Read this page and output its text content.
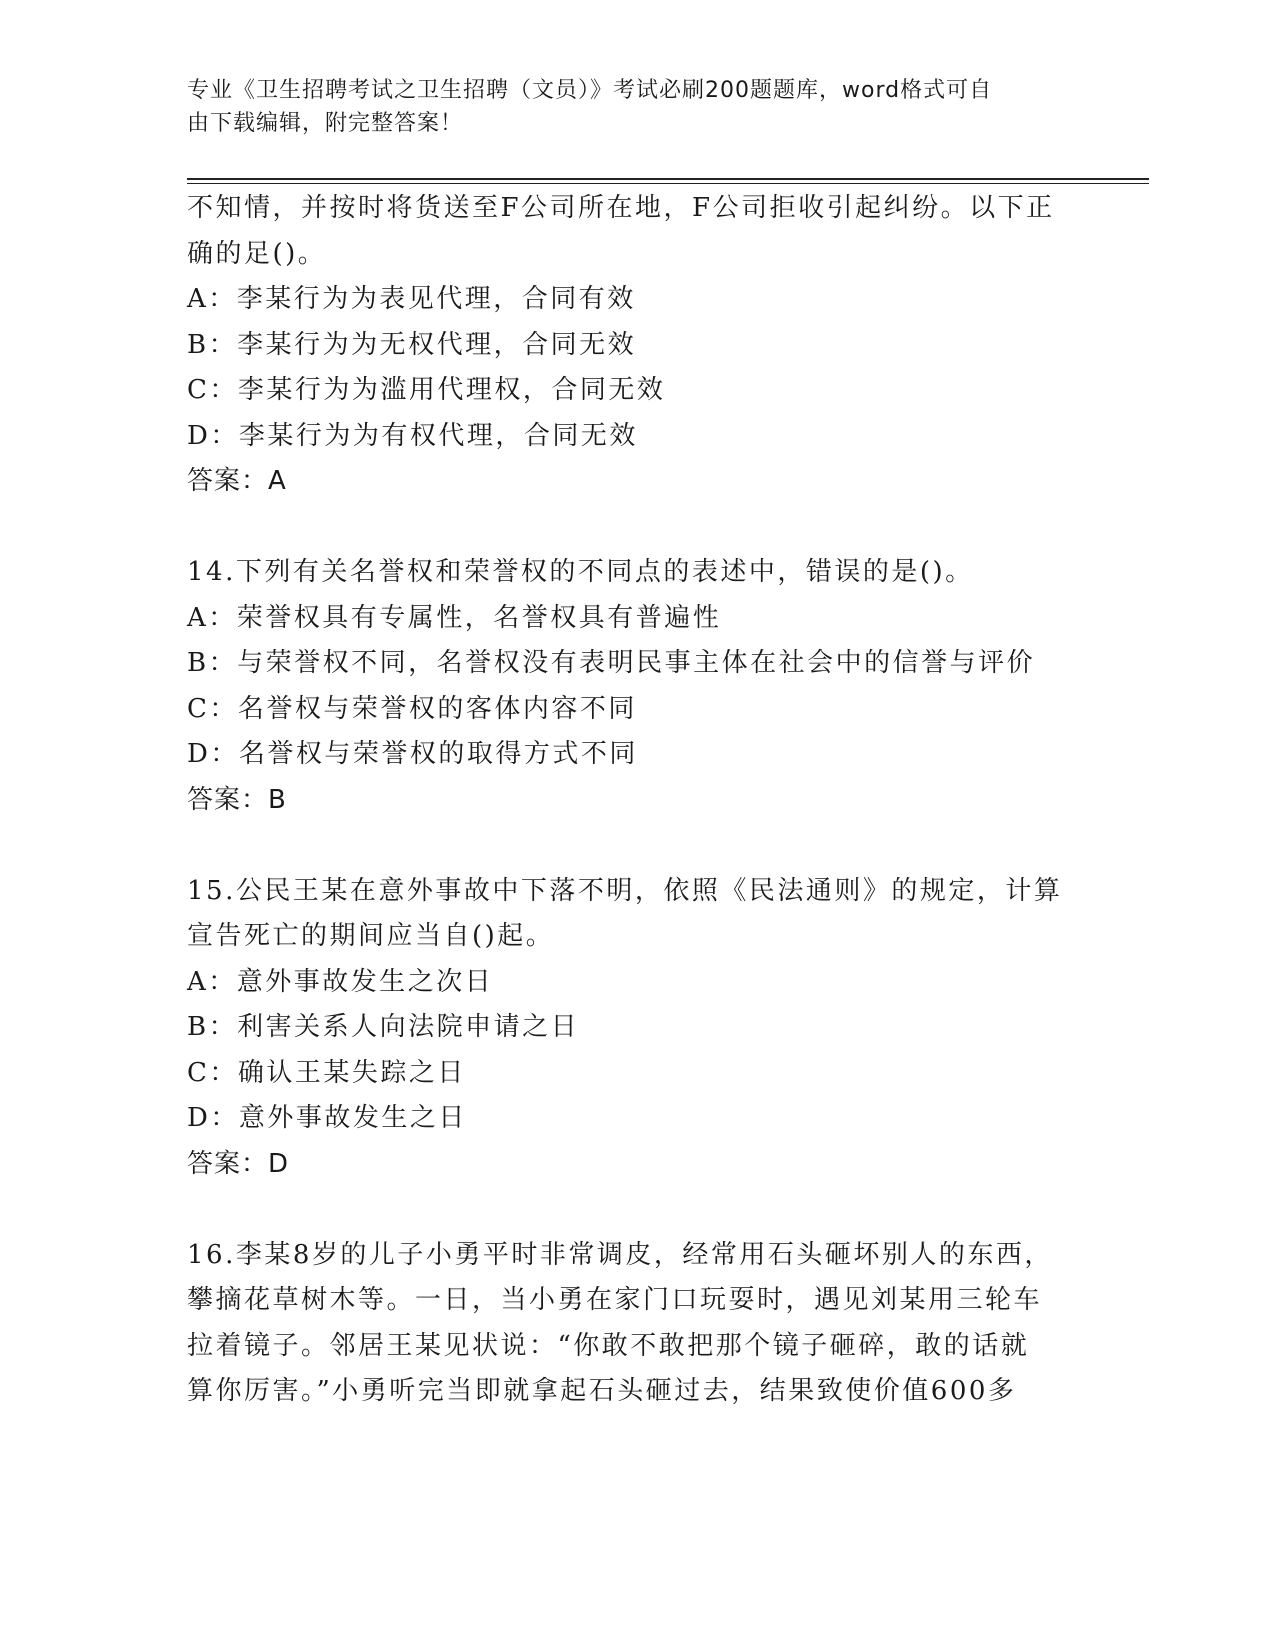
专业《卫生招聘考试之卫生招聘（文员）》考试必刷200题题库，word格式可自
由下载编辑，附完整答案！
不知情，并按时将货送至F公司所在地，F公司拒收引起纠纷。以下正
确的足()。
A：李某行为为表见代理，合同有效
B：李某行为为无权代理，合同无效
C：李某行为为滥用代理权，合同无效
D：李某行为为有权代理，合同无效
答案：A
14.下列有关名誉权和荣誉权的不同点的表述中，错误的是()。
A：荣誉权具有专属性，名誉权具有普遍性
B：与荣誉权不同，名誉权没有表明民事主体在社会中的信誉与评价
C：名誉权与荣誉权的客体内容不同
D：名誉权与荣誉权的取得方式不同
答案：B
15.公民王某在意外事故中下落不明，依照《民法通则》的规定，计算
宣告死亡的期间应当自()起。
A：意外事故发生之次日
B：利害关系人向法院申请之日
C：确认王某失踪之日
D：意外事故发生之日
答案：D
16.李某8岁的儿子小勇平时非常调皮，经常用石头砸坏别人的东西，
攀摘花草树木等。一日，当小勇在家门口玩耍时，遇见刘某用三轮车
拉着镜子。邻居王某见状说：“你敢不敢把那个镜子砸碎，敢的话就
算你厉害。”小勇听完当即就拿起石头砸过去，结果致使价值600多
